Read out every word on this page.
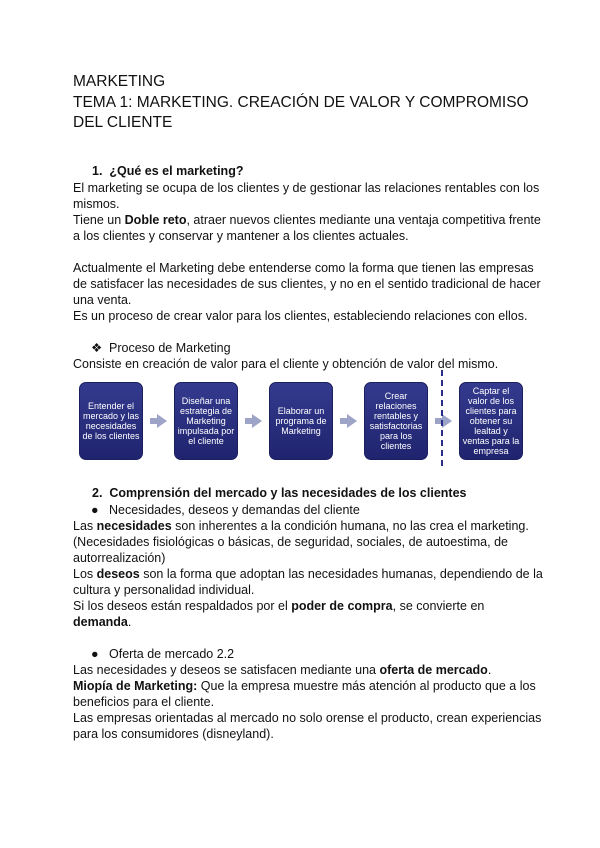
MARKETING
TEMA 1: MARKETING. CREACIÓN DE VALOR Y COMPROMISO
DEL CLIENTE
1. ¿Qué es el marketing?

El marketing se ocupa de los clientes y de gestionar las relaciones rentables con los

mismos.

Tiene un Doble reto, atraer nuevos clientes mediante una ventaja competitiva frente

a los clientes y conservar y mantener a los clientes actuales.

Actualmente el Marketing debe entenderse como la forma que tienen las empresas

de satisfacer las necesidades de sus clientes, y no en el sentido tradicional de hacer

una venta.

Es un proceso de crear valor para los clientes, estableciendo relaciones con ellos.

❖ Proceso de Marketing

Consiste en creación de valor para el cliente y obtención de valor del mismo.

Entender el mercado y las necesidades de los clientes
Diseñar una estrategia de Marketing impulsada por el cliente
Elaborar un programa de Marketing
Crear relaciones rentables y satisfactorias para los clientes
Captar el valor de los clientes para obtener su lealtad y ventas para la empresa
2. Comprensión del mercado y las necesidades de los clientes
● Necesidades, deseos y demandas del cliente

Las necesidades son inherentes a la condición humana, no las crea el marketing.

(Necesidades fisiológicas o básicas, de seguridad, sociales, de autoestima, de

autorrealización)

Los deseos son la forma que adoptan las necesidades humanas, dependiendo de la

cultura y personalidad individual.

Si los deseos están respaldados por el poder de compra, se convierte en

demanda.

● Oferta de mercado 2.2

Las necesidades y deseos se satisfacen mediante una oferta de mercado.

Miopía de Marketing: Que la empresa muestre más atención al producto que a los

beneficios para el cliente.

Las empresas orientadas al mercado no solo orense el producto, crean experiencias

para los consumidores (disneyland).
